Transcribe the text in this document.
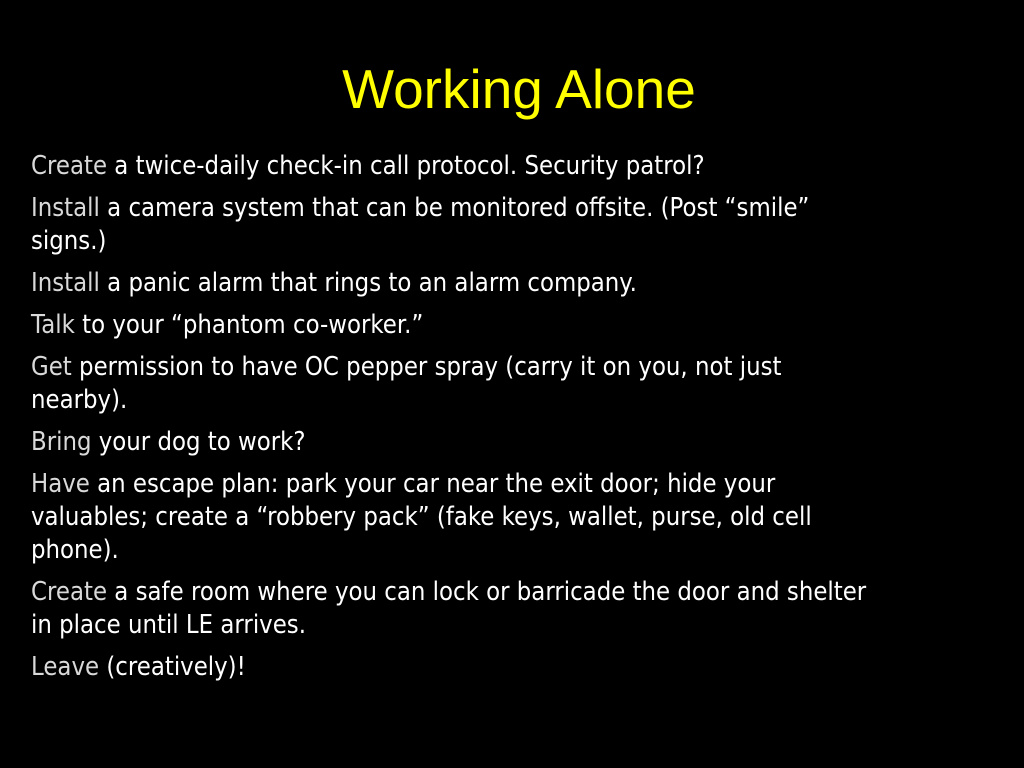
Working Alone
Create a twice-daily check-in call protocol. Security patrol?
Install a camera system that can be monitored offsite. (Post “smile” signs.)
Install a panic alarm that rings to an alarm company.
Talk to your “phantom co-worker.”
Get permission to have OC pepper spray (carry it on you, not just nearby).
Bring your dog to work?
Have an escape plan: park your car near the exit door; hide your valuables; create a “robbery pack” (fake keys, wallet, purse, old cell phone).
Create a safe room where you can lock or barricade the door and shelter in place until LE arrives.
Leave (creatively)!
